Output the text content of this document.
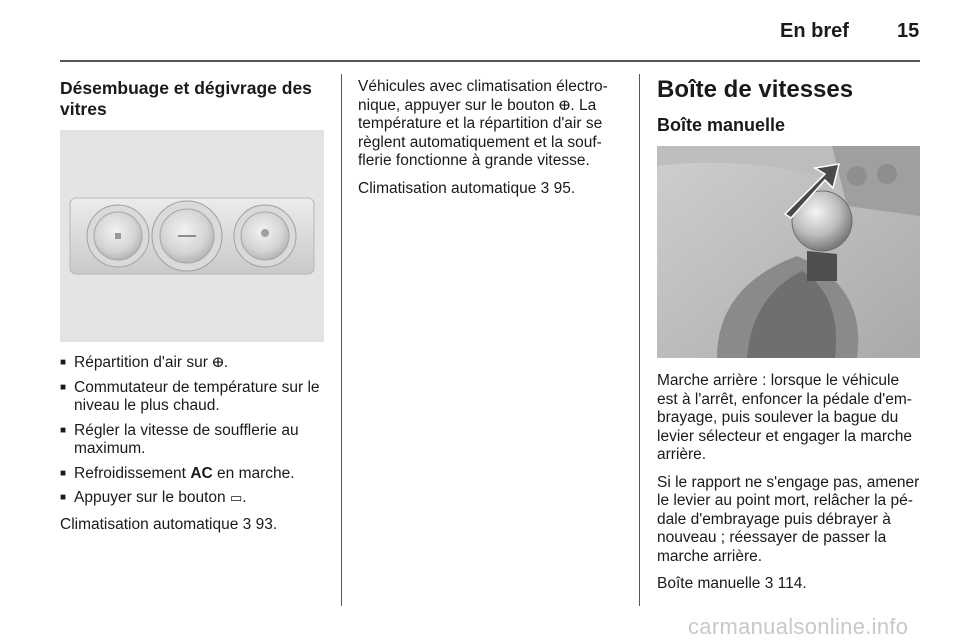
En bref 15
Désembuage et dégivrage des vitres
■ Répartition d'air sur ⴲ.
■ Commutateur de température sur le niveau le plus chaud.
■ Régler la vitesse de soufflerie au maximum.
■ Refroidissement AC en marche.
■ Appuyer sur le bouton ▭.

Climatisation automatique 3 93.

Véhicules avec climatisation électro-nique, appuyer sur le bouton ⴲ. La température et la répartition d'air se règlent automatiquement et la souf-flerie fonctionne à grande vitesse.

Climatisation automatique 3 95.

Boîte de vitesses
Boîte manuelle

Marche arrière : lorsque le véhicule est à l'arrêt, enfoncer la pédale d'em-brayage, puis soulever la bague du levier sélecteur et engager la marche arrière.

Si le rapport ne s'engage pas, amener le levier au point mort, relâcher la pé-dale d'embrayage puis débrayer à nouveau ; réessayer de passer la marche arrière.

Boîte manuelle 3 114.

carmanualsonline.info
